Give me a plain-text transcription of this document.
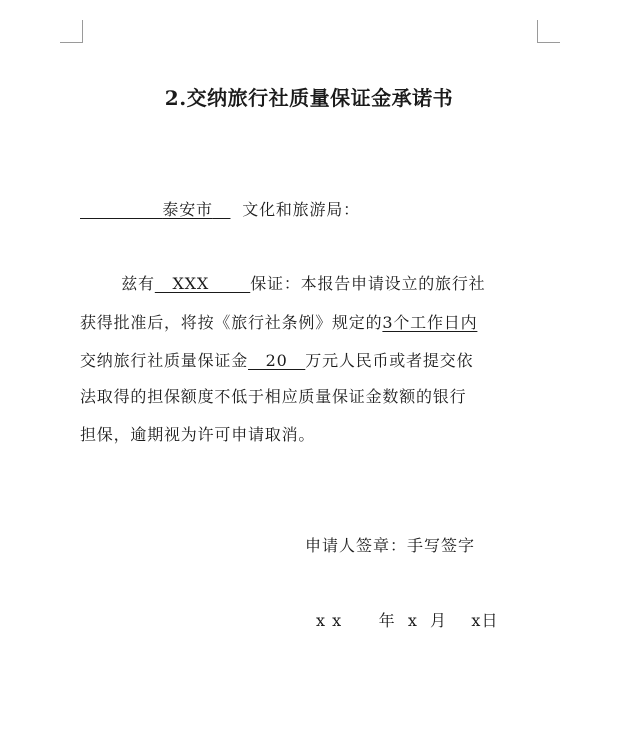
2.交纳旅行社质量保证金承诺书
泰安市 文化和旅游局：
兹有   XXX       保证：本报告申请设立的旅行社
获得批准后，将按《旅行社条例》规定的3个工作日内
交纳旅行社质量保证金   20   万元人民币或者提交依
法取得的担保额度不低于相应质量保证金数额的银行
担保，逾期视为许可申请取消。
申请人签章：手写签字
x x 年 x 月 x日
